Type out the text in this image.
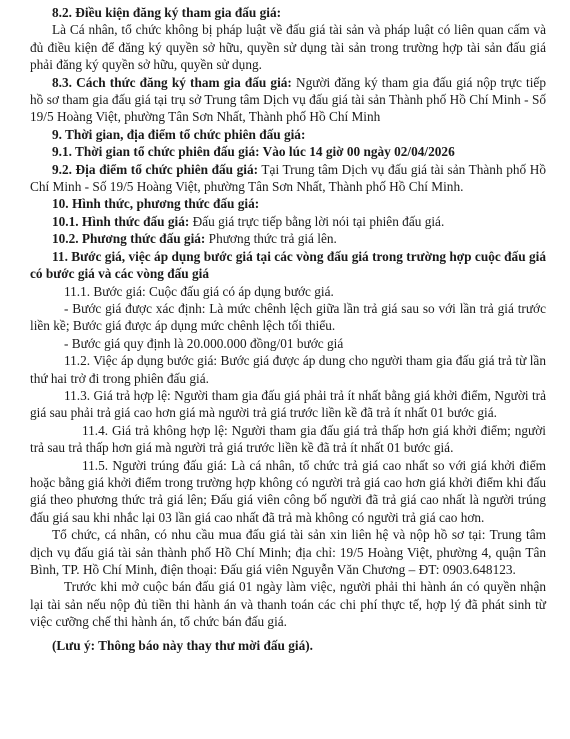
8.2. Điều kiện đăng ký tham gia đấu giá:

Là Cá nhân, tổ chức không bị pháp luật về đấu giá tài sản và pháp luật có liên quan cấm và đủ điều kiện để đăng ký quyền sở hữu, quyền sử dụng tài sản trong trường hợp tài sản đấu giá phải đăng ký quyền sở hữu, quyền sử dụng.

8.3. Cách thức đăng ký tham gia đấu giá: Người đăng ký tham gia đấu giá nộp trực tiếp hồ sơ tham gia đấu giá tại trụ sở Trung tâm Dịch vụ đấu giá tài sản Thành phố Hồ Chí Minh - Số 19/5 Hoàng Việt, phường Tân Sơn Nhất, Thành phố Hồ Chí Minh

9. Thời gian, địa điểm tổ chức phiên đấu giá:

9.1. Thời gian tổ chức phiên đấu giá: Vào lúc 14 giờ 00 ngày 02/04/2026

9.2. Địa điểm tổ chức phiên đấu giá: Tại Trung tâm Dịch vụ đấu giá tài sản Thành phố Hồ Chí Minh - Số 19/5 Hoàng Việt, phường Tân Sơn Nhất, Thành phố Hồ Chí Minh.

10. Hình thức, phương thức đấu giá:

10.1. Hình thức đấu giá: Đấu giá trực tiếp bằng lời nói tại phiên đấu giá.

10.2. Phương thức đấu giá: Phương thức trả giá lên.

11. Bước giá, việc áp dụng bước giá tại các vòng đấu giá trong trường hợp cuộc đấu giá có bước giá và các vòng đấu giá

11.1. Bước giá: Cuộc đấu giá có áp dụng bước giá.

- Bước giá được xác định: Là mức chênh lệch giữa lần trả giá sau so với lần trả giá trước liền kề; Bước giá được áp dụng mức chênh lệch tối thiểu.

- Bước giá quy định là 20.000.000 đồng/01 bước giá

11.2. Việc áp dụng bước giá: Bước giá được áp dung cho người tham gia đấu giá trả từ lần thứ hai trở đi trong phiên đấu giá.

11.3. Giá trả hợp lệ: Người tham gia đấu giá phải trả ít nhất bằng giá khởi điểm, Người trả giá sau phải trả giá cao hơn giá mà người trả giá trước liền kề đã trả ít nhất 01 bước giá.

11.4. Giá trả không hợp lệ: Người tham gia đấu giá trả thấp hơn giá khởi điểm; người trả sau trả thấp hơn giá mà người trả giá trước liền kề đã trả ít nhất 01 bước giá.

11.5. Người trúng đấu giá: Là cá nhân, tổ chức trả giá cao nhất so với giá khởi điểm hoặc bằng giá khởi điểm trong trường hợp không có người trả giá cao hơn giá khởi điểm khi đấu giá theo phương thức trả giá lên; Đấu giá viên công bố người đã trả giá cao nhất là người trúng đấu giá sau khi nhắc lại 03 lần giá cao nhất đã trả mà không có người trả giá cao hơn.

Tổ chức, cá nhân, có nhu cầu mua đấu giá tài sản xin liên hệ và nộp hồ sơ tại: Trung tâm dịch vụ đấu giá tài sản thành phố Hồ Chí Minh; địa chỉ: 19/5 Hoàng Việt, phường 4, quận Tân Bình, TP. Hồ Chí Minh, điện thoại: Đấu giá viên Nguyễn Văn Chương – ĐT: 0903.648123.

Trước khi mở cuộc bán đấu giá 01 ngày làm việc, người phải thi hành án có quyền nhận lại tài sản nếu nộp đủ tiền thi hành án và thanh toán các chi phí thực tế, hợp lý đã phát sinh từ việc cưỡng chế thi hành án, tổ chức bán đấu giá.

(Lưu ý: Thông báo này thay thư mời đấu giá).
